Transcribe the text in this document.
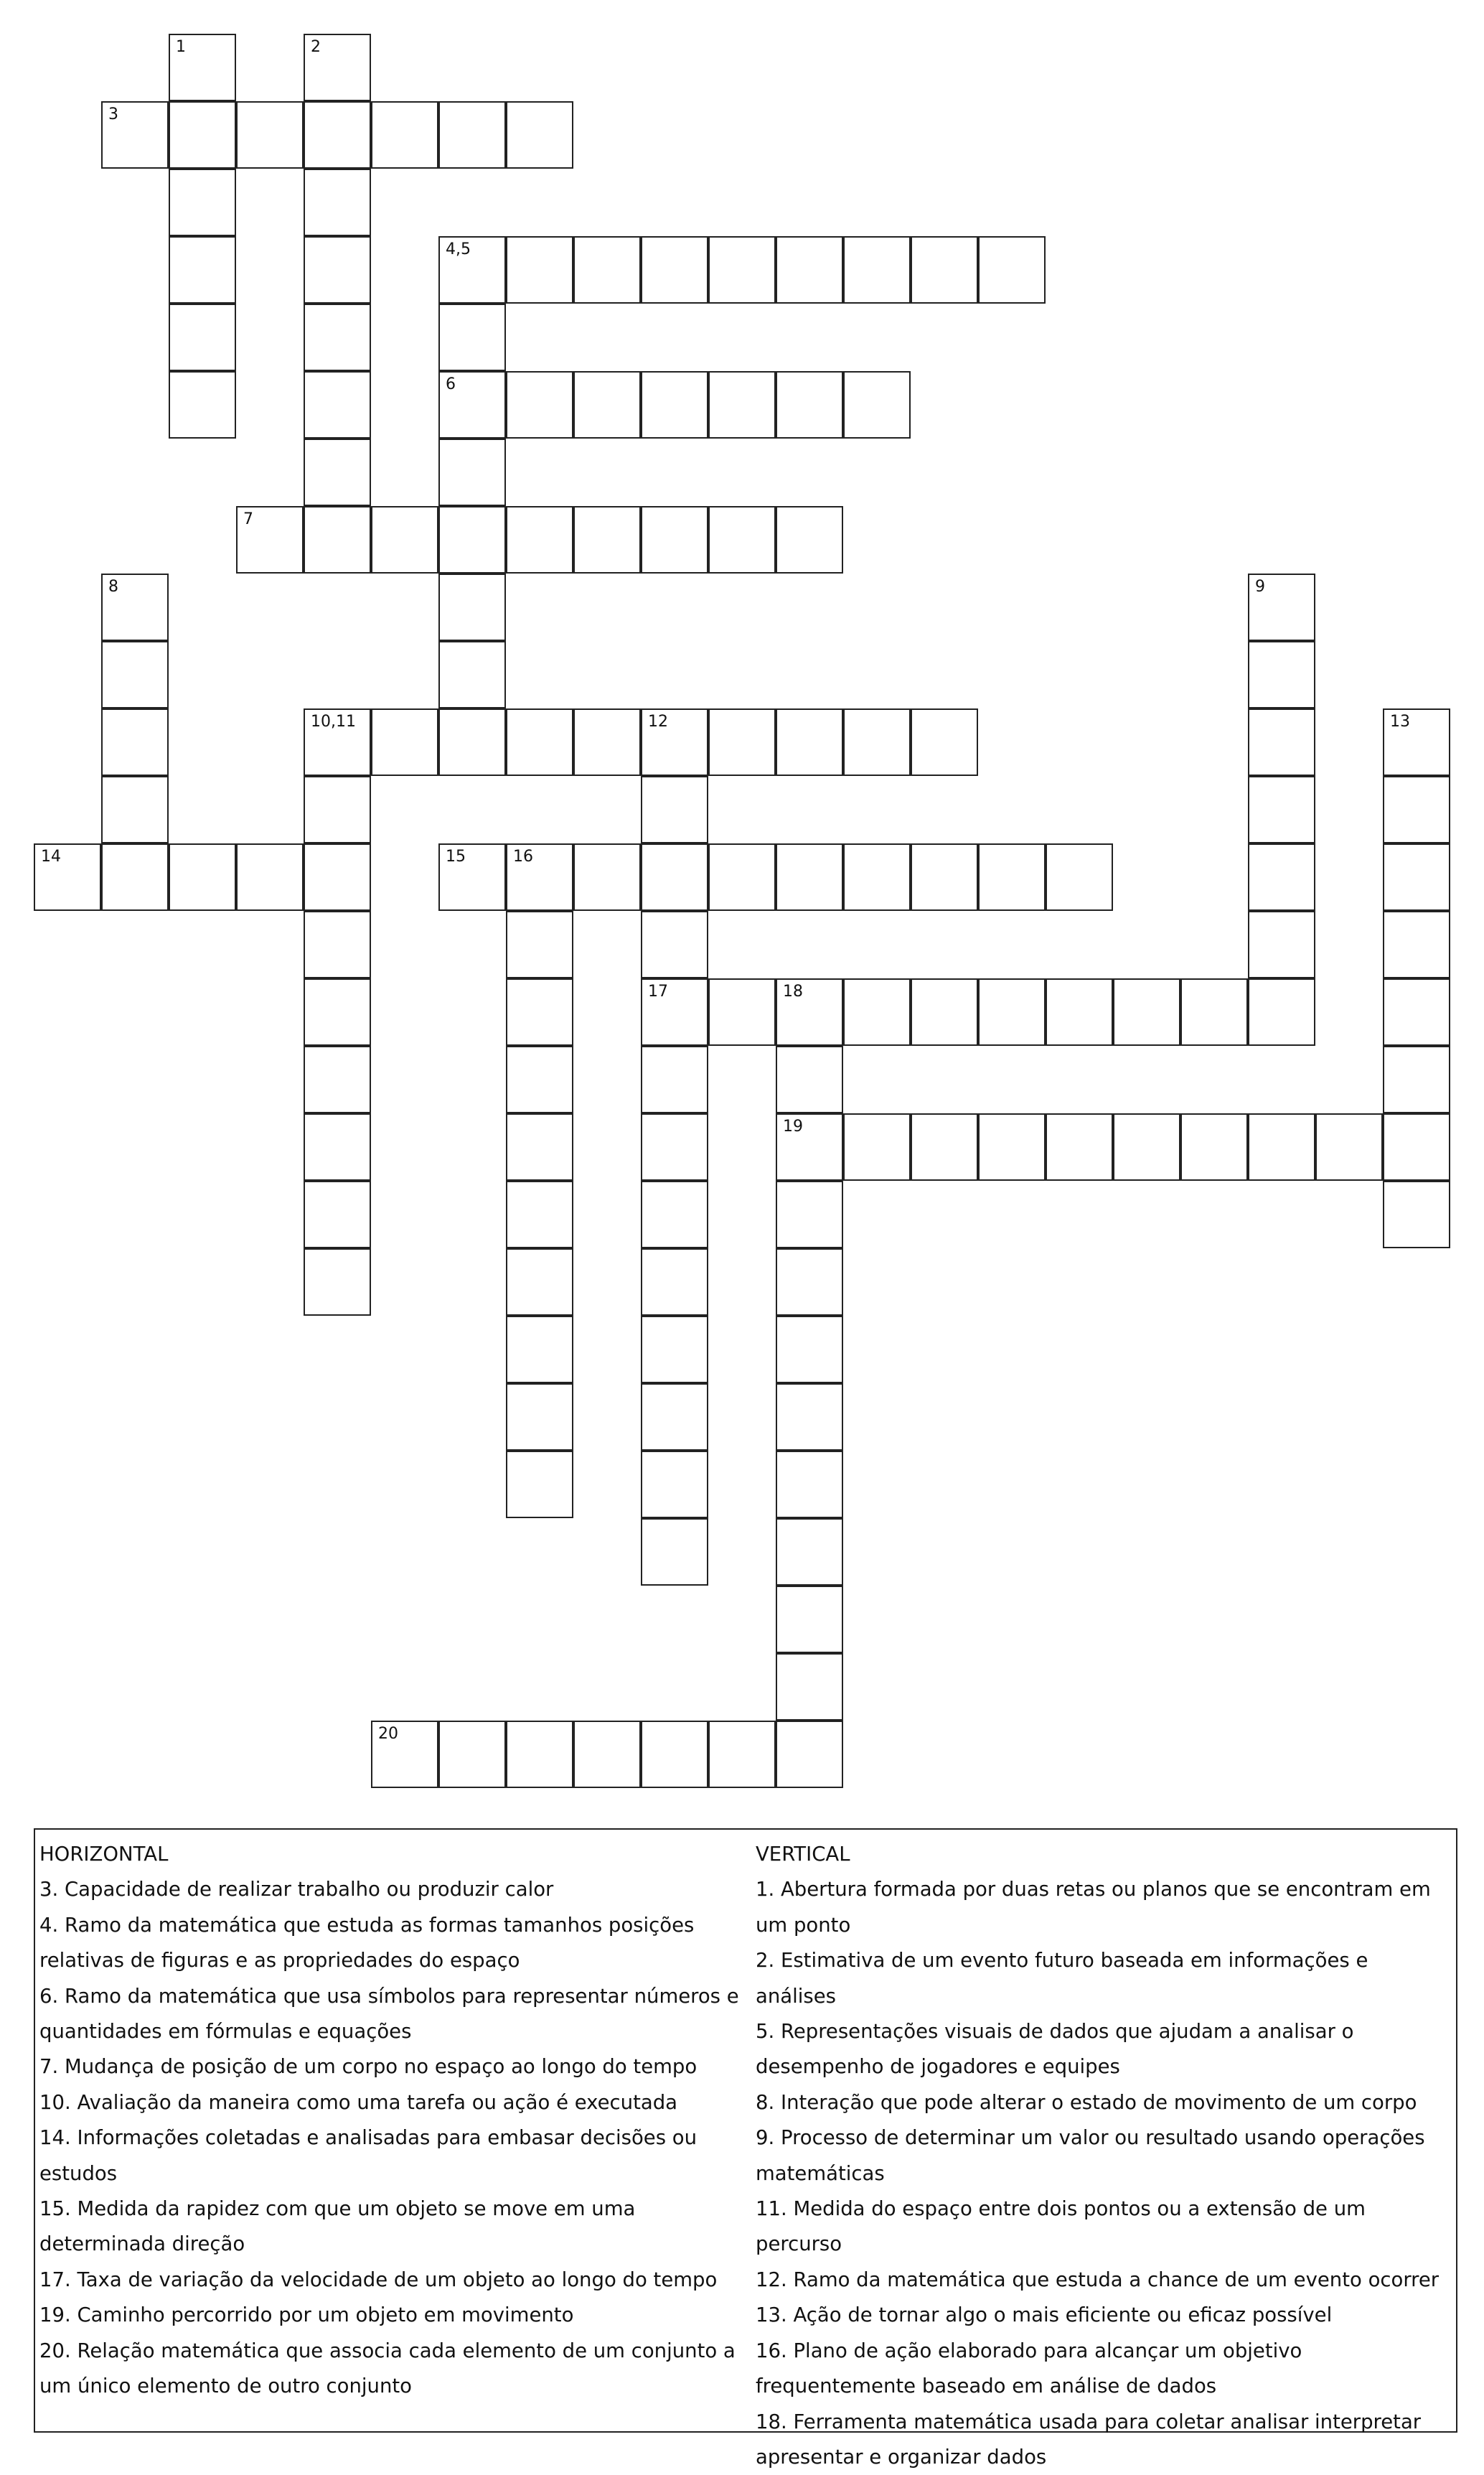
1	2
3
4,5
6
7
8	9
10,11	12	13
14	15	16
17	18
19
20
HORIZONTAL
3. Capacidade de realizar trabalho ou produzir calor
4. Ramo da matemática que estuda as formas tamanhos posições relativas de figuras e as propriedades do espaço
6. Ramo da matemática que usa símbolos para representar números e quantidades em fórmulas e equações
7. Mudança de posição de um corpo no espaço ao longo do tempo
10. Avaliação da maneira como uma tarefa ou ação é executada
14. Informações coletadas e analisadas para embasar decisões ou estudos
15. Medida da rapidez com que um objeto se move em uma determinada direção
17. Taxa de variação da velocidade de um objeto ao longo do tempo
19. Caminho percorrido por um objeto em movimento
20. Relação matemática que associa cada elemento de um conjunto a um único elemento de outro conjunto
VERTICAL
1. Abertura formada por duas retas ou planos que se encontram em um ponto
2. Estimativa de um evento futuro baseada em informações e análises
5. Representações visuais de dados que ajudam a analisar o desempenho de jogadores e equipes
8. Interação que pode alterar o estado de movimento de um corpo
9. Processo de determinar um valor ou resultado usando operações matemáticas
11. Medida do espaço entre dois pontos ou a extensão de um percurso
12. Ramo da matemática que estuda a chance de um evento ocorrer
13. Ação de tornar algo o mais eficiente ou eficaz possível
16. Plano de ação elaborado para alcançar um objetivo frequentemente baseado em análise de dados
18. Ferramenta matemática usada para coletar analisar interpretar apresentar e organizar dados
